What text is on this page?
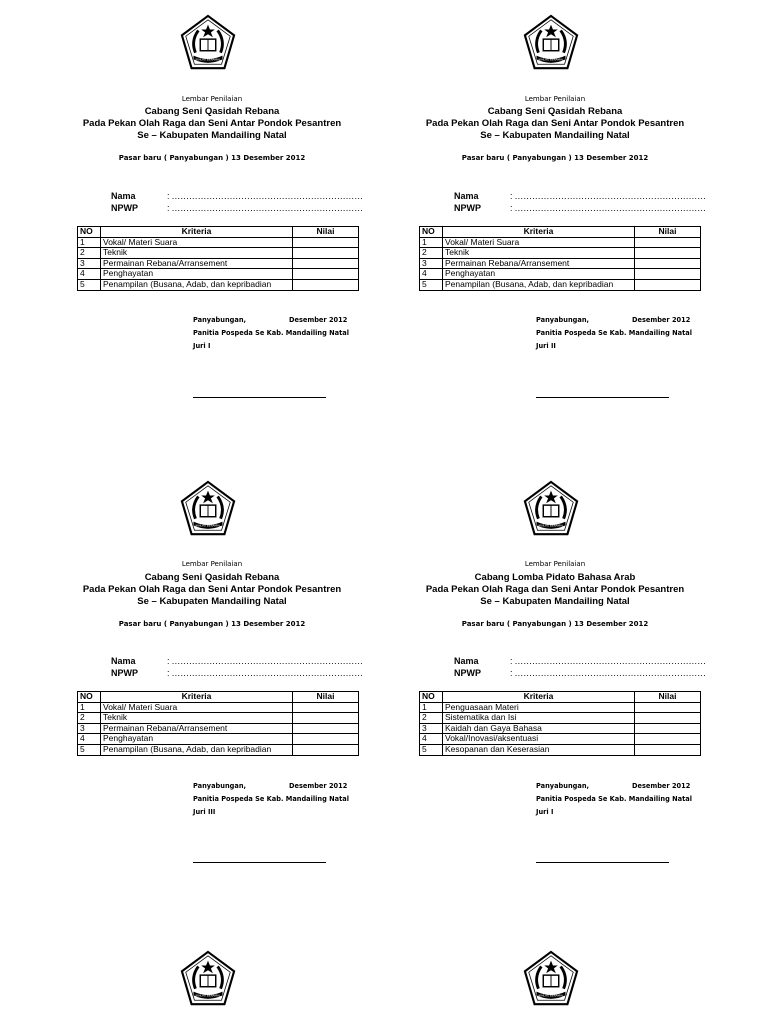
Lembar Penilaian
Cabang Seni Qasidah Rebana
Pada Pekan Olah Raga dan Seni Antar Pondok Pesantren
Se – Kabupaten Mandailing Natal
Pasar baru ( Panyabungan ) 13 Desember 2012
Nama	: …………………………………………………………
NPWP	: …………………………………………………………
NO	Kriteria	Nilai
1	Vokal/ Materi Suara	
2	Teknik	
3	Permainan Rebana/Arransement	
4	Penghayatan	
5	Penampilan (Busana, Adab, dan kepribadian	
Panyabungan,	Desember 2012
Panitia Pospeda Se Kab. Mandailing Natal
Juri I
Lembar Penilaian
Cabang Seni Qasidah Rebana
Pada Pekan Olah Raga dan Seni Antar Pondok Pesantren
Se – Kabupaten Mandailing Natal
Pasar baru ( Panyabungan ) 13 Desember 2012
Nama	: …………………………………………………………
NPWP	: …………………………………………………………
NO	Kriteria	Nilai
1	Vokal/ Materi Suara	
2	Teknik	
3	Permainan Rebana/Arransement	
4	Penghayatan	
5	Penampilan (Busana, Adab, dan kepribadian	
Panyabungan,	Desember 2012
Panitia Pospeda Se Kab. Mandailing Natal
Juri II
Lembar Penilaian
Cabang Seni Qasidah Rebana
Pada Pekan Olah Raga dan Seni Antar Pondok Pesantren
Se – Kabupaten Mandailing Natal
Pasar baru ( Panyabungan ) 13 Desember 2012
Nama	: …………………………………………………………
NPWP	: …………………………………………………………
NO	Kriteria	Nilai
1	Vokal/ Materi Suara	
2	Teknik	
3	Permainan Rebana/Arransement	
4	Penghayatan	
5	Penampilan (Busana, Adab, dan kepribadian	
Panyabungan,	Desember 2012
Panitia Pospeda Se Kab. Mandailing Natal
Juri III
Lembar Penilaian
Cabang Lomba Pidato Bahasa Arab
Pada Pekan Olah Raga dan Seni Antar Pondok Pesantren
Se – Kabupaten Mandailing Natal
Pasar baru ( Panyabungan ) 13 Desember 2012
Nama	: …………………………………………………………
NPWP	: …………………………………………………………
NO	Kriteria	Nilai
1	Penguasaan Materi	
2	Sistematika dan Isi	
3	Kaidah dan Gaya Bahasa	
4	Vokal/Inovasi/aksentuasi	
5	Kesopanan dan Keserasian	
Panyabungan,	Desember 2012
Panitia Pospeda Se Kab. Mandailing Natal
Juri I
